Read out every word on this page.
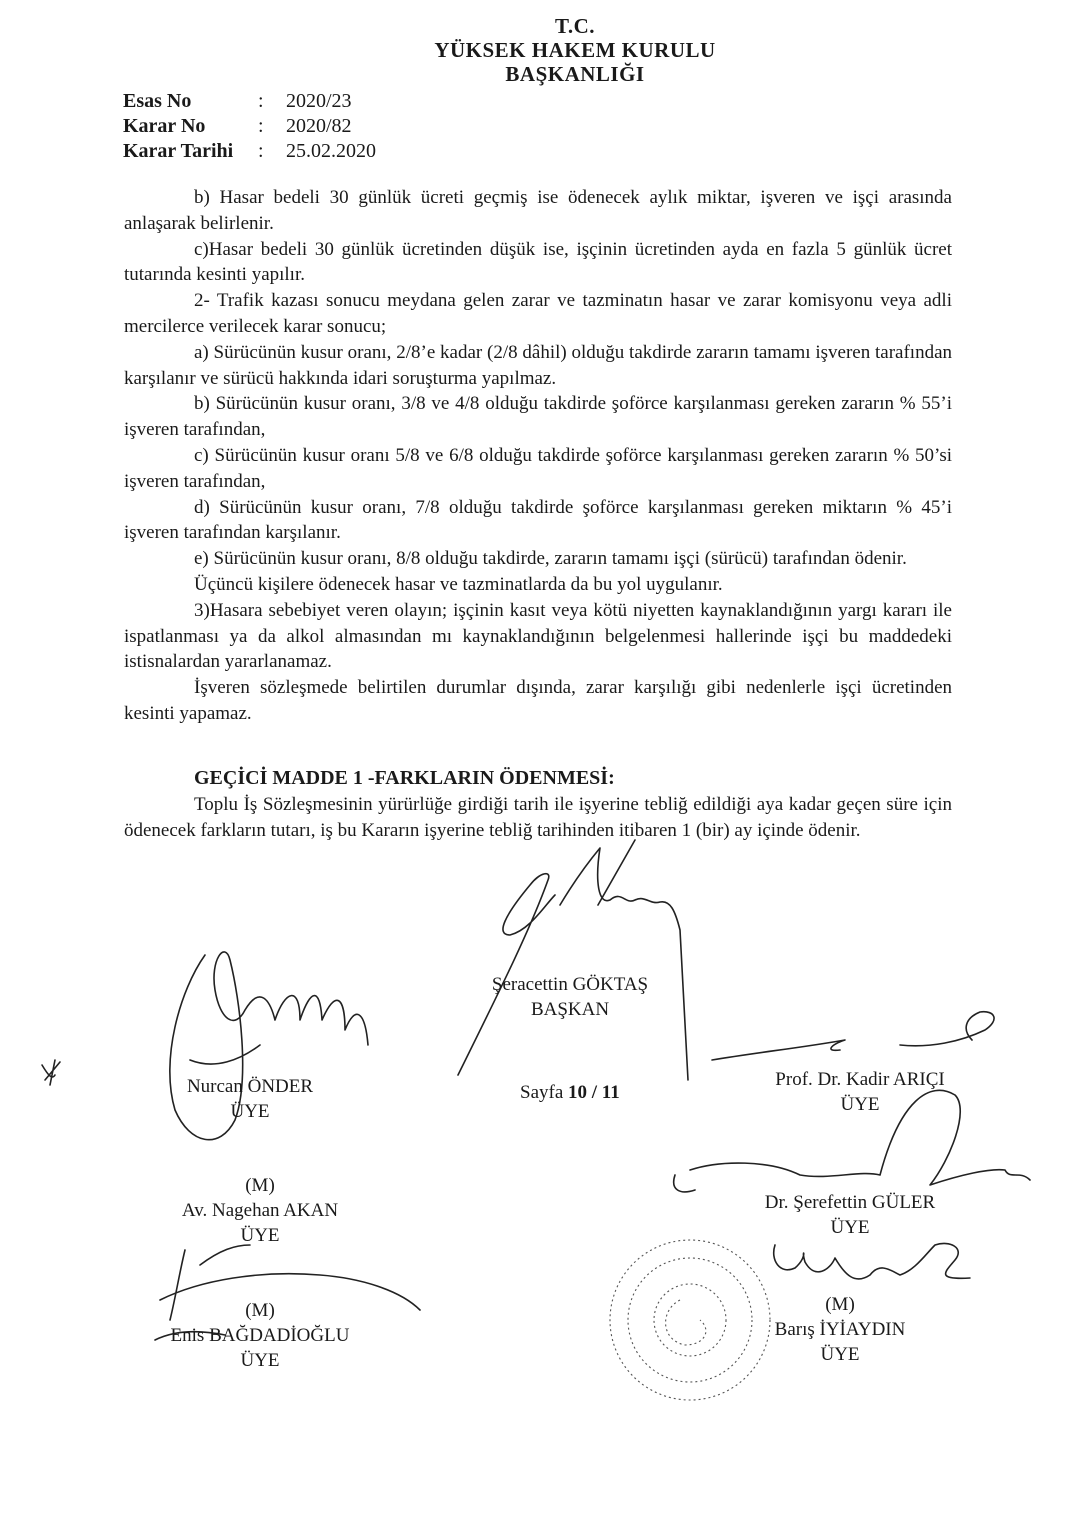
T.C.
YÜKSEK HAKEM KURULU
BAŞKANLIĞI
Esas No	: 2020/23
Karar No	: 2020/82
Karar Tarihi : 25.02.2020

b) Hasar bedeli 30 günlük ücreti geçmiş ise ödenecek aylık miktar, işveren ve işçi arasında anlaşarak belirlenir.

c)Hasar bedeli 30 günlük ücretinden düşük ise, işçinin ücretinden ayda en fazla 5 günlük ücret tutarında kesinti yapılır.

2- Trafik kazası sonucu meydana gelen zarar ve tazminatın hasar ve zarar komisyonu veya adli mercilerce verilecek karar sonucu;

a) Sürücünün kusur oranı, 2/8’e kadar (2/8 dâhil) olduğu takdirde zararın tamamı işveren tarafından karşılanır ve sürücü hakkında idari soruşturma yapılmaz.

b) Sürücünün kusur oranı, 3/8 ve 4/8 olduğu takdirde şoförce karşılanması gereken zararın % 55’i işveren tarafından,

c) Sürücünün kusur oranı 5/8 ve 6/8 olduğu takdirde şoförce karşılanması gereken zararın % 50’si işveren tarafından,

d) Sürücünün kusur oranı, 7/8 olduğu takdirde şoförce karşılanması gereken miktarın % 45’i işveren tarafından karşılanır.

e) Sürücünün kusur oranı, 8/8 olduğu takdirde, zararın tamamı işçi (sürücü) tarafından ödenir.

Üçüncü kişilere ödenecek hasar ve tazminatlarda da bu yol uygulanır.

3)Hasara sebebiyet veren olayın; işçinin kasıt veya kötü niyetten kaynaklandığının yargı kararı ile ispatlanması ya da alkol almasından mı kaynaklandığının belgelenmesi hallerinde işçi bu maddedeki istisnalardan yararlanamaz.

İşveren sözleşmede belirtilen durumlar dışında, zarar karşılığı gibi nedenlerle işçi ücretinden kesinti yapamaz.

GEÇİCİ MADDE 1 -FARKLARIN ÖDENMESİ:

Toplu İş Sözleşmesinin yürürlüğe girdiği tarih ile işyerine tebliğ edildiği aya kadar geçen süre için ödenecek farkların tutarı, iş bu Kararın işyerine tebliğ tarihinden itibaren 1 (bir) ay içinde ödenir.

Şeracettin GÖKTAŞ
BAŞKAN
Nurcan ÖNDER
ÜYE
Prof. Dr. Kadir ARIÇI
ÜYE
(M)
Av. Nagehan AKAN
ÜYE
Dr. Şerefettin GÜLER
ÜYE
(M)
Enis BAĞDADİOĞLU
ÜYE
(M)
Barış İYİAYDIN
ÜYE
Sayfa 10 / 11
